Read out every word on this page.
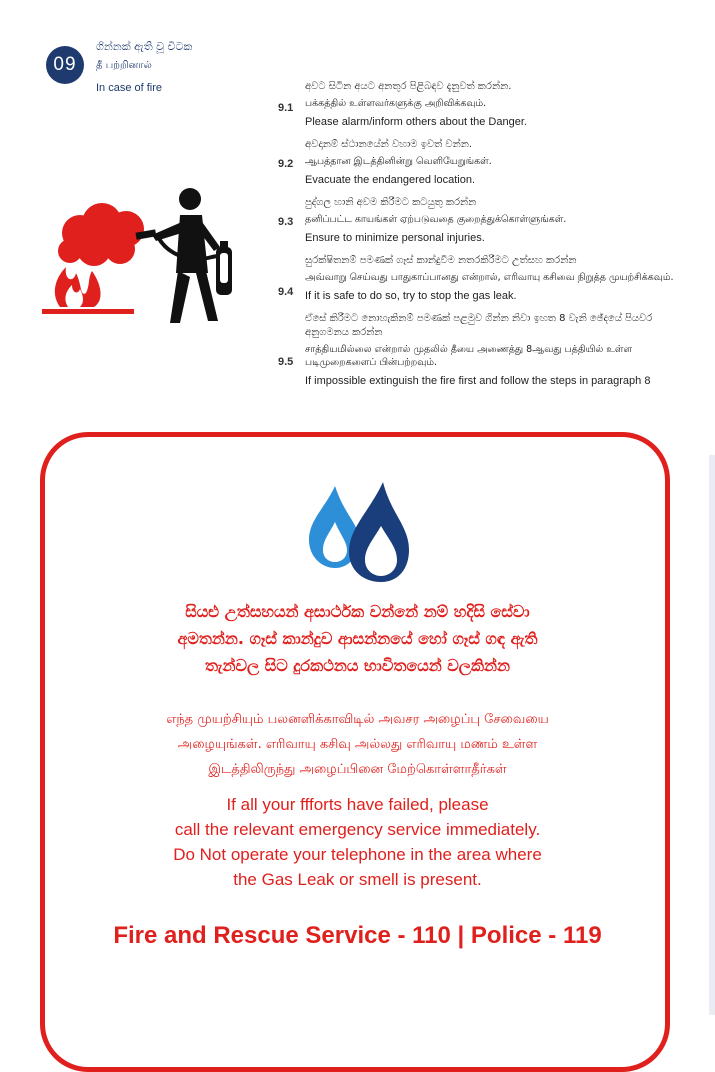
09
ගින්නක් ඇති වූ විටක
தீ பற்றினால்
In case of fire
9.1
අවට සිටින අයට අනතුර පිළිබඳව දැනුවත් කරන්න.
பக்கத்தில் உள்ளவர்களுக்கு அறிவிக்கவும்.
Please alarm/inform others about the Danger.
9.2
අවදානම් ස්ථානයේන් වහාම ඉවත් වන්න.
ஆபத்தான இடத்தினின்று வெளியேறுங்கள்.
Evacuate the endangered location.
9.3
පුද්ගල හානි අවම කිරීමට කටයුතු කරන්න
தனிப்பட்ட காயங்கள் ஏற்படுவதை குறைத்துக்கொள்ளுங்கள்.
Ensure to minimize personal injuries.
9.4
සුරක්ෂිතනම් පමණක් ගෑස් කාන්දුවීම නතරකිරීමට උත්සහ කරන්න
அவ்வாறு செய்வது பாதுகாப்பானது என்றால், எரிவாயு கசிவை நிறுத்த முயற்சிக்கவும்.
If it is safe to do so, try to stop the gas leak.
9.5
ඒසේ කිරීමට නොහැකිනම් පමණක් පළමුව ගින්න නිවා ඉහත 8 වැනි ඡේදයේ පියවර අනුගමනය කරන්න
சாத்தியமில்லை என்றால் முதலில் தீயை அணைத்து 8ஆவது பத்தியில் உள்ள படிமுறைகளைப் பின்பற்றவும்.
If impossible extinguish the fire first and follow the steps in paragraph 8
සියළු උත්සහයන් අසාර්ථක වන්නේ නම් හදිසි සේවා
අමතන්න. ගෑස් කාන්දුව ආසන්නයේ හෝ ගෑස් ගඳ ඇති
තැන්වල සිට දුරකථනය භාවිතයෙන් වලකින්න
எந்த முயற்சியும் பலனளிக்காவிடில் அவசர அழைப்பு சேவையை
அழையுங்கள். எரிவாயு கசிவு அல்லது எரிவாயு மணம் உள்ள
இடத்திலிருந்து அழைப்பினை மேற்கொள்ளாதீர்கள்
If all your ffforts have failed, please
call the relevant emergency service immediately.
Do Not operate your telephone in the area where
the Gas Leak or smell is present.
Fire and Rescue Service - 110 | Police - 119
